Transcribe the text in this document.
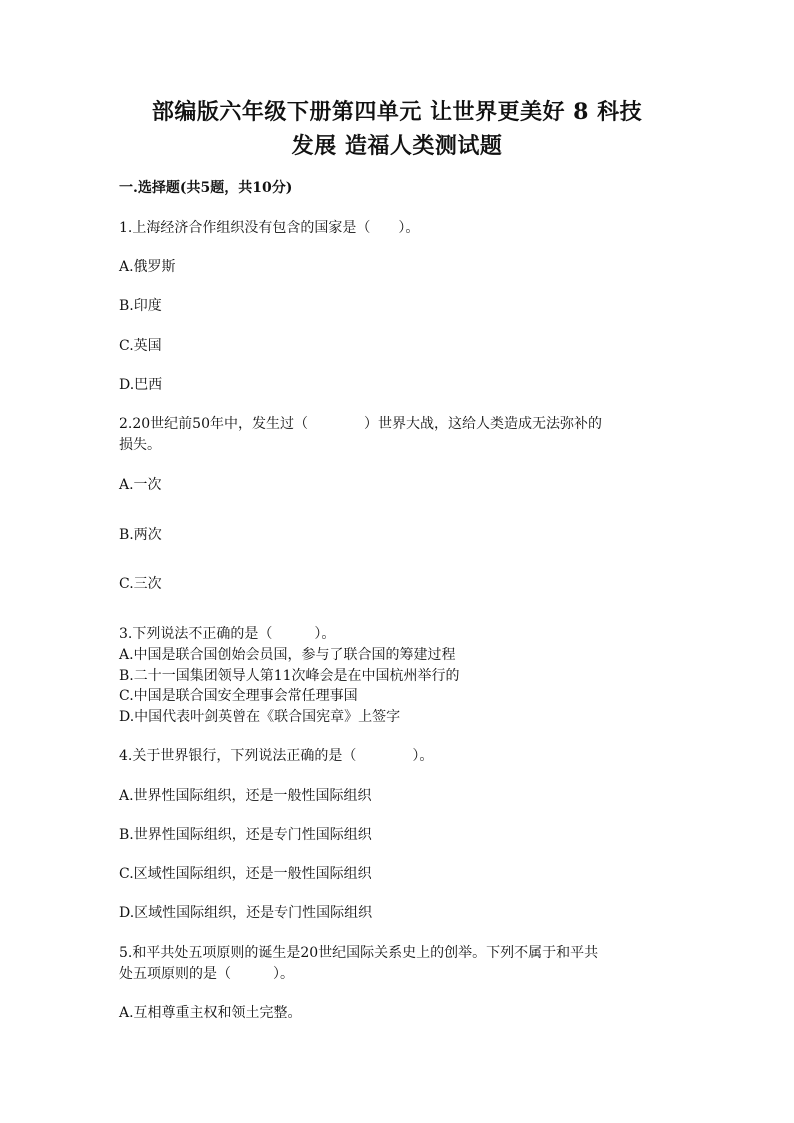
部编版六年级下册第四单元 让世界更美好 8 科技
发展 造福人类测试题
一.选择题(共5题，共10分)
1.上海经济合作组织没有包含的国家是（　　）。
A.俄罗斯
B.印度
C.英国
D.巴西
2.20世纪前50年中，发生过（　　　　）世界大战，这给人类造成无法弥补的
损失。
A.一次
B.两次
C.三次
3.下列说法不正确的是（　　　）。
A.中国是联合国创始会员国，参与了联合国的筹建过程
B.二十一国集团领导人第11次峰会是在中国杭州举行的
C.中国是联合国安全理事会常任理事国
D.中国代表叶剑英曾在《联合国宪章》上签字
4.关于世界银行，下列说法正确的是（　　　　）。
A.世界性国际组织，还是一般性国际组织
B.世界性国际组织，还是专门性国际组织
C.区域性国际组织，还是一般性国际组织
D.区域性国际组织，还是专门性国际组织
5.和平共处五项原则的诞生是20世纪国际关系史上的创举。下列不属于和平共
处五项原则的是（　　　）。
A.互相尊重主权和领土完整。
